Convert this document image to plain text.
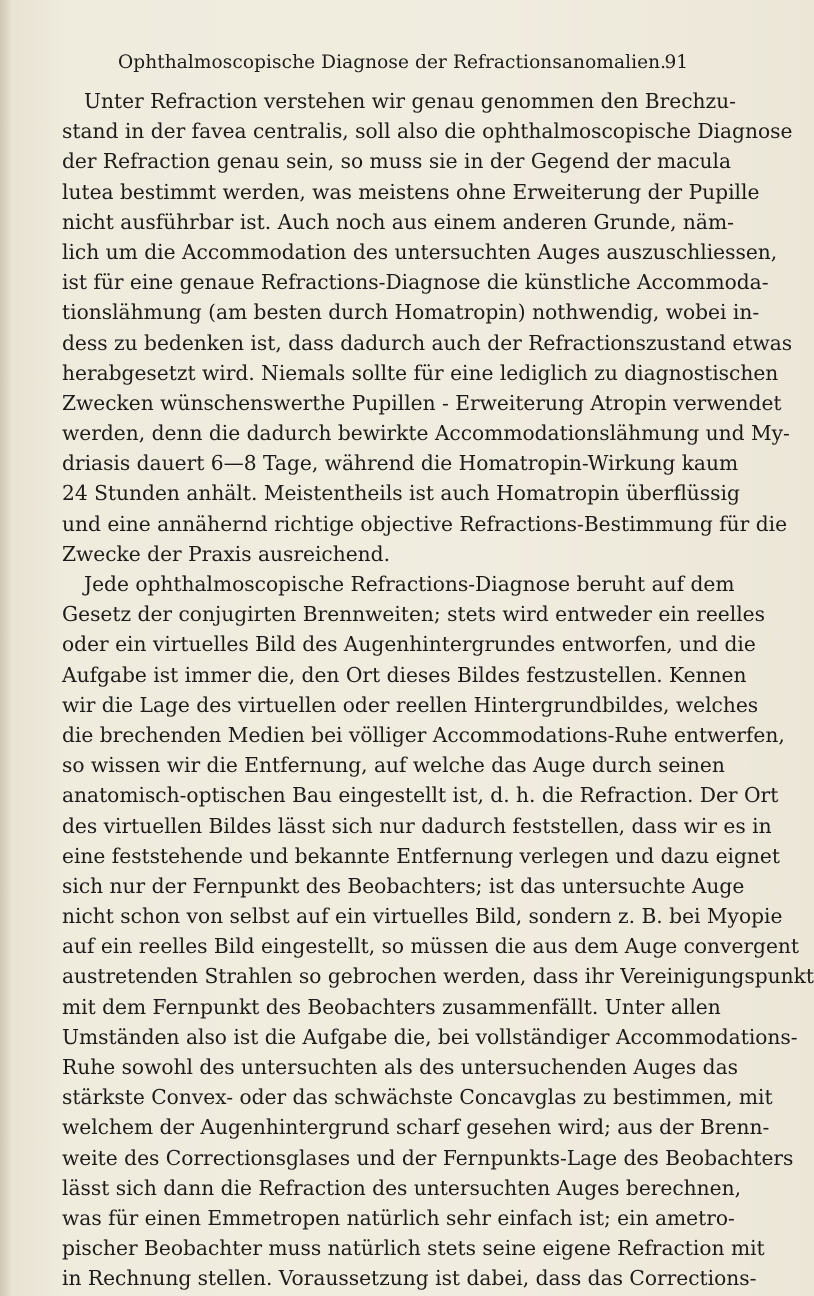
Ophthalmoscopische Diagnose der Refractionsanomalien.
91
Unter Refraction verstehen wir genau genommen den Brechzu-
stand in der favea centralis, soll also die ophthalmoscopische Diagnose
der Refraction genau sein, so muss sie in der Gegend der macula
lutea bestimmt werden, was meistens ohne Erweiterung der Pupille
nicht ausführbar ist. Auch noch aus einem anderen Grunde, näm-
lich um die Accommodation des untersuchten Auges auszuschliessen,
ist für eine genaue Refractions-Diagnose die künstliche Accommoda-
tionslähmung (am besten durch Homatropin) nothwendig, wobei in-
dess zu bedenken ist, dass dadurch auch der Refractionszustand etwas
herabgesetzt wird. Niemals sollte für eine lediglich zu diagnostischen
Zwecken wünschenswerthe Pupillen - Erweiterung Atropin verwendet
werden, denn die dadurch bewirkte Accommodationslähmung und My-
driasis dauert 6—8 Tage, während die Homatropin-Wirkung kaum
24 Stunden anhält. Meistentheils ist auch Homatropin überflüssig
und eine annähernd richtige objective Refractions-Bestimmung für die
Zwecke der Praxis ausreichend.
Jede ophthalmoscopische Refractions-Diagnose beruht auf dem
Gesetz der conjugirten Brennweiten; stets wird entweder ein reelles
oder ein virtuelles Bild des Augenhintergrundes entworfen, und die
Aufgabe ist immer die, den Ort dieses Bildes festzustellen. Kennen
wir die Lage des virtuellen oder reellen Hintergrundbildes, welches
die brechenden Medien bei völliger Accommodations-Ruhe entwerfen,
so wissen wir die Entfernung, auf welche das Auge durch seinen
anatomisch-optischen Bau eingestellt ist, d. h. die Refraction. Der Ort
des virtuellen Bildes lässt sich nur dadurch feststellen, dass wir es in
eine feststehende und bekannte Entfernung verlegen und dazu eignet
sich nur der Fernpunkt des Beobachters; ist das untersuchte Auge
nicht schon von selbst auf ein virtuelles Bild, sondern z. B. bei Myopie
auf ein reelles Bild eingestellt, so müssen die aus dem Auge convergent
austretenden Strahlen so gebrochen werden, dass ihr Vereinigungspunkt
mit dem Fernpunkt des Beobachters zusammenfällt. Unter allen
Umständen also ist die Aufgabe die, bei vollständiger Accommodations-
Ruhe sowohl des untersuchten als des untersuchenden Auges das
stärkste Convex- oder das schwächste Concavglas zu bestimmen, mit
welchem der Augenhintergrund scharf gesehen wird; aus der Brenn-
weite des Correctionsglases und der Fernpunkts-Lage des Beobachters
lässt sich dann die Refraction des untersuchten Auges berechnen,
was für einen Emmetropen natürlich sehr einfach ist; ein ametro-
pischer Beobachter muss natürlich stets seine eigene Refraction mit
in Rechnung stellen. Voraussetzung ist dabei, dass das Corrections-
